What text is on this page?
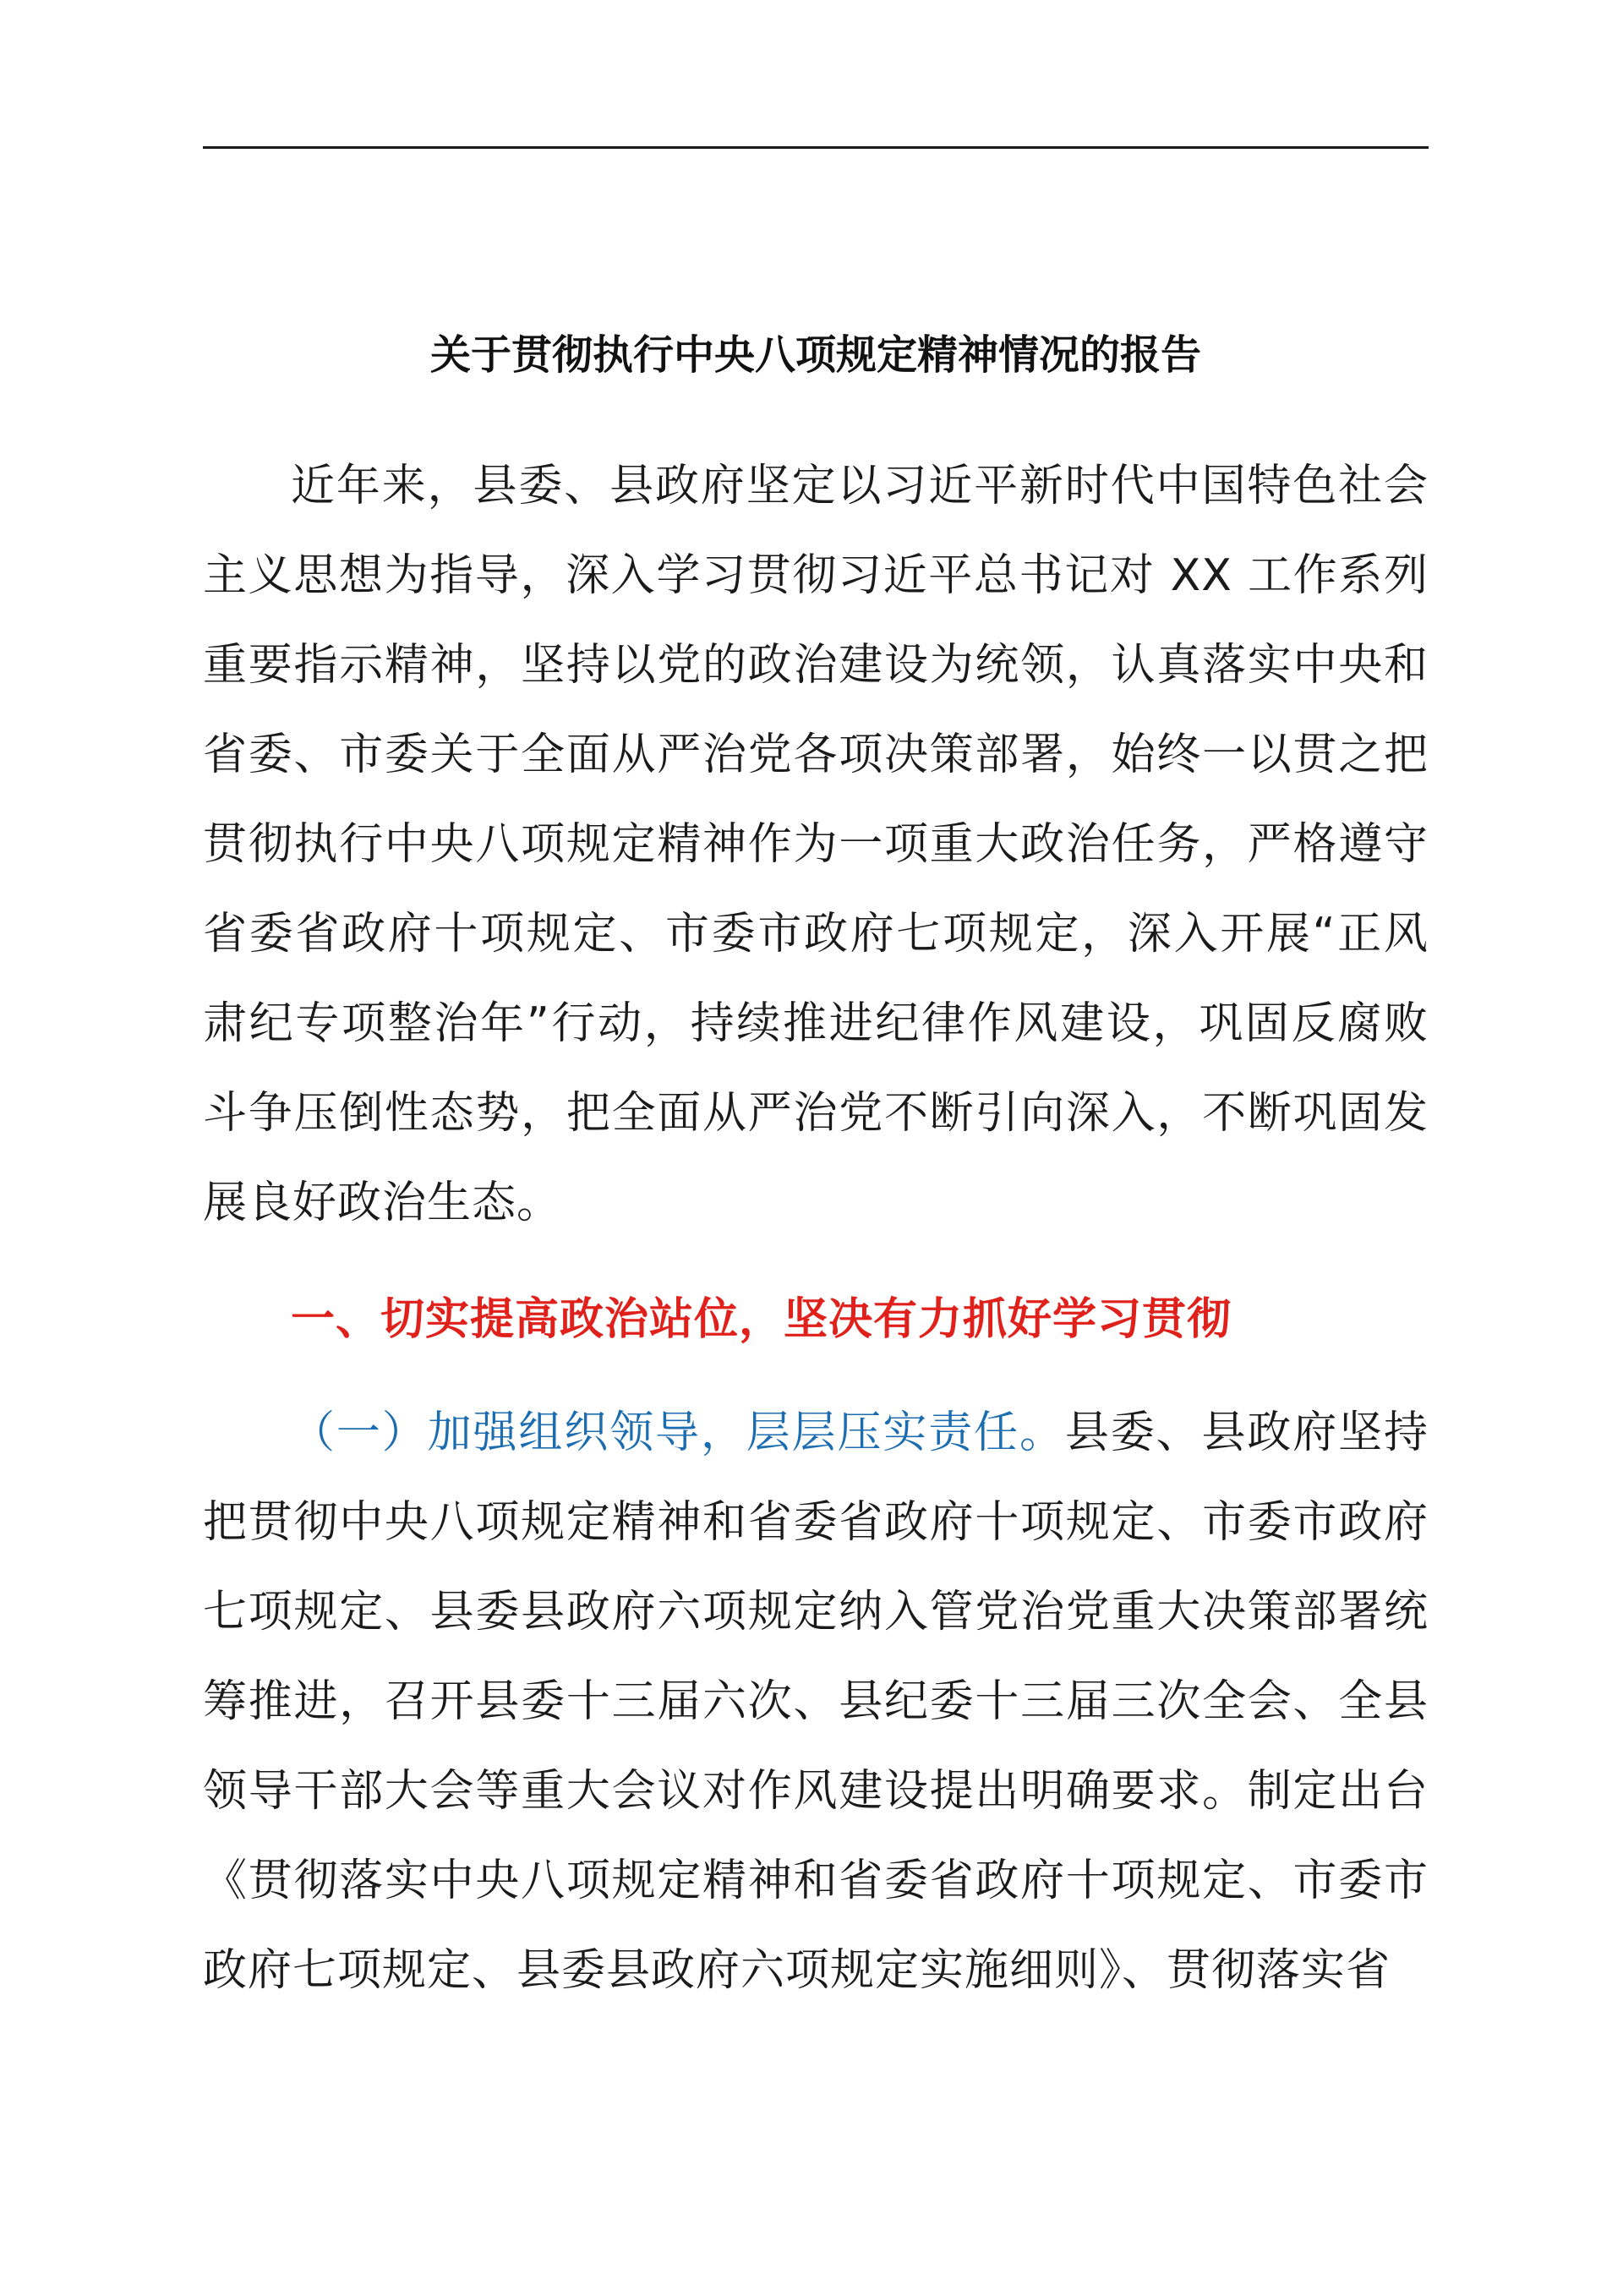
关于贯彻执行中央八项规定精神情况的报告

近年来，县委、县政府坚定以习近平新时代中国特色社会主义思想为指导，深入学习贯彻习近平总书记对 XX 工作系列重要指示精神，坚持以党的政治建设为统领，认真落实中央和省委、市委关于全面从严治党各项决策部署，始终一以贯之把贯彻执行中央八项规定精神作为一项重大政治任务，严格遵守省委省政府十项规定、市委市政府七项规定，深入开展“正风肃纪专项整治年”行动，持续推进纪律作风建设，巩固反腐败斗争压倒性态势，把全面从严治党不断引向深入，不断巩固发展良好政治生态。

一、切实提高政治站位，坚决有力抓好学习贯彻

（一）加强组织领导，层层压实责任。县委、县政府坚持把贯彻中央八项规定精神和省委省政府十项规定、市委市政府七项规定、县委县政府六项规定纳入管党治党重大决策部署统筹推进，召开县委十三届六次、县纪委十三届三次全会、全县领导干部大会等重大会议对作风建设提出明确要求。制定出台《贯彻落实中央八项规定精神和省委省政府十项规定、市委市政府七项规定、县委县政府六项规定实施细则》、贯彻落实省
